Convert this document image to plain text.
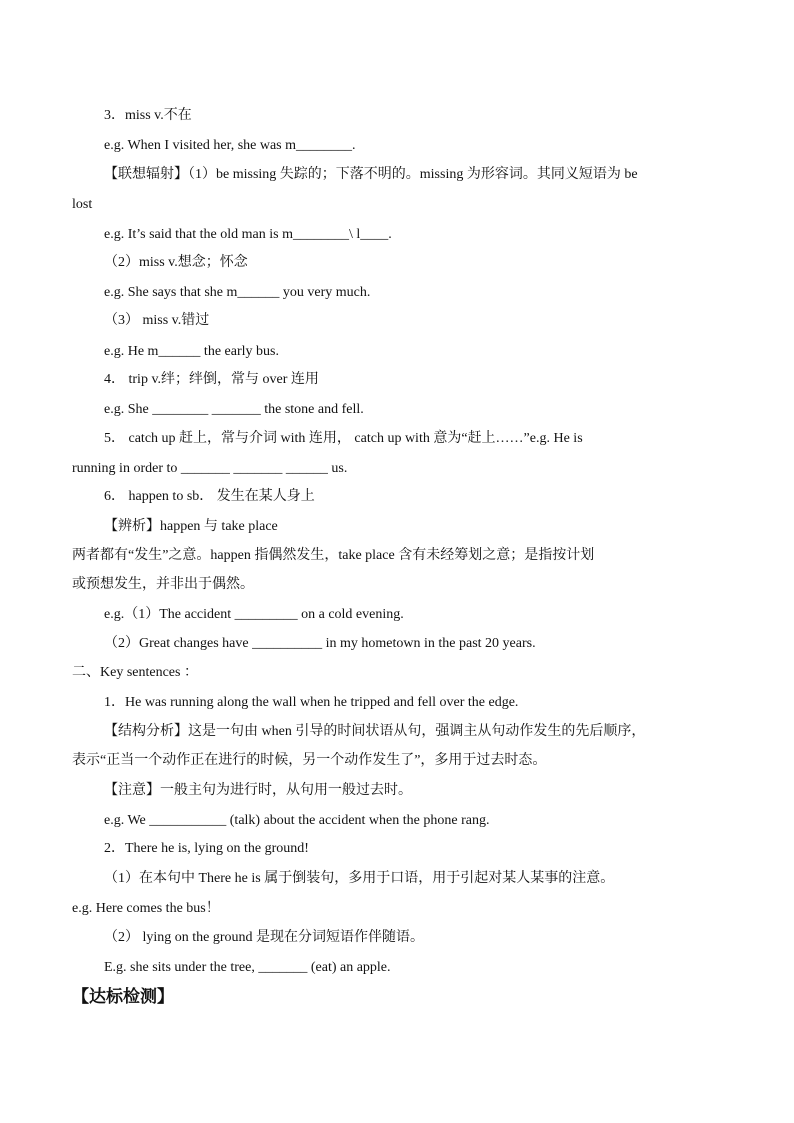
3．miss v.不在
e.g. When I visited her, she was m________.
【联想辐射】（1）be missing 失踪的；下落不明的。missing 为形容词。其同义短语为 be
lost
e.g. It’s said that the old man is m________\ l____.
（2）miss v.想念；怀念
e.g. She says that she m______ you very much.
（3） miss v.错过
e.g. He m______ the early bus.
4． trip v.绊；绊倒，常与 over 连用
e.g. She ________ _______ the stone and fell.
5． catch up 赶上，常与介词 with 连用， catch up with 意为“赶上……”e.g. He is
running in order to _______ _______ ______ us.
6． happen to sb． 发生在某人身上
【辨析】happen 与 take place
两者都有“发生”之意。happen 指偶然发生，take place 含有未经筹划之意；是指按计划
或预想发生，并非出于偶然。
e.g.（1）The accident _________ on a cold evening.
（2）Great changes have __________ in my hometown in the past 20 years.
二、Key sentences ：
1．He was running along the wall when he tripped and fell over the edge.
【结构分析】这是一句由 when 引导的时间状语从句，强调主从句动作发生的先后顺序，
表示“正当一个动作正在进行的时候，另一个动作发生了”，多用于过去时态。
【注意】一般主句为进行时，从句用一般过去时。
e.g. We ___________ (talk) about the accident when the phone rang.
2．There he is, lying on the ground!
（1）在本句中 There he is 属于倒装句，多用于口语，用于引起对某人某事的注意。
e.g. Here comes the bus！
（2） lying on the ground 是现在分词短语作伴随语。
E.g. she sits under the tree, _______ (eat) an apple.
【达标检测】
